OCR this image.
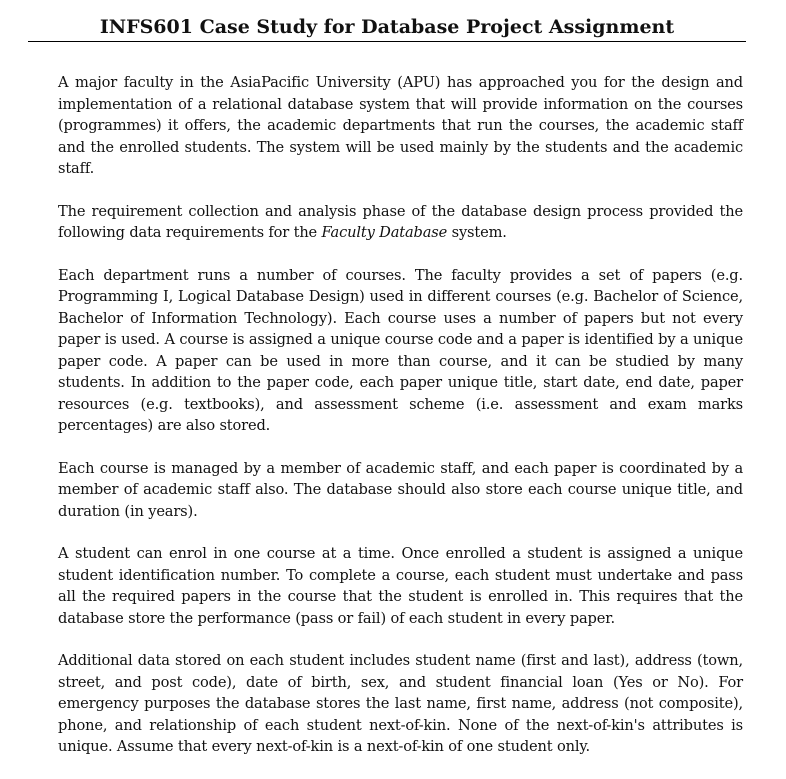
INFS601 Case Study for Database Project Assignment

A major faculty in the AsiaPacific University (APU) has approached you for the design and implementation of a relational database system that will provide information on the courses (programmes) it offers, the academic departments that run the courses, the academic staff and the enrolled students. The system will be used mainly by the students and the academic staff.

The requirement collection and analysis phase of the database design process provided the following data requirements for the Faculty Database system.

Each department runs a number of courses. The faculty provides a set of papers (e.g. Programming I, Logical Database Design) used in different courses (e.g. Bachelor of Science, Bachelor of Information Technology). Each course uses a number of papers but not every paper is used. A course is assigned a unique course code and a paper is identified by a unique paper code. A paper can be used in more than course, and it can be studied by many students. In addition to the paper code, each paper unique title, start date, end date, paper resources (e.g. textbooks), and assessment scheme (i.e. assessment and exam marks percentages) are also stored.

Each course is managed by a member of academic staff, and each paper is coordinated by a member of academic staff also. The database should also store each course unique title, and duration (in years).

A student can enrol in one course at a time. Once enrolled a student is assigned a unique student identification number. To complete a course, each student must undertake and pass all the required papers in the course that the student is enrolled in. This requires that the database store the performance (pass or fail) of each student in every paper.

Additional data stored on each student includes student name (first and last), address (town, street, and post code), date of birth, sex, and student financial loan (Yes or No). For emergency purposes the database stores the last name, first name, address (not composite), phone, and relationship of each student next-of-kin. None of the next-of-kin's attributes is unique. Assume that every next-of-kin is a next-of-kin of one student only.
